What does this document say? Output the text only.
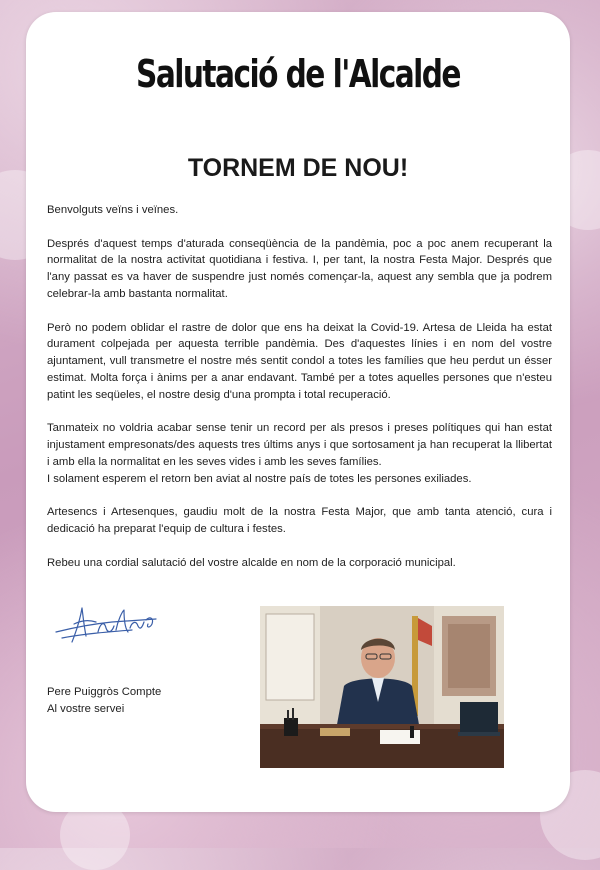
Salutació de l'Alcalde
TORNEM DE NOU!

Benvolguts veïns i veïnes.

Després d'aquest temps d'aturada conseqüència de la pandèmia, poc a poc anem recuperant la normalitat de la nostra activitat quotidiana i festiva. I, per tant, la nostra Festa Major. Després que l'any passat es va haver de suspendre just només començar-la, aquest any sembla que ja podrem celebrar-la amb bastanta normalitat.

Però no podem oblidar el rastre de dolor que ens ha deixat la Covid-19. Artesa de Lleida ha estat durament colpejada per aquesta terrible pandèmia. Des d'aquestes línies i en nom del vostre ajuntament, vull transmetre el nostre més sentit condol a totes les famílies que heu perdut un ésser estimat. Molta força i ànims per a anar endavant. També per a totes aquelles persones que n'esteu patint les seqüeles, el nostre desig d'una prompta i total recuperació.

Tanmateix no voldria acabar sense tenir un record per als presos i preses polítiques qui han estat injustament empresonats/des aquests tres últims anys i que sortosament ja han recuperat la llibertat i amb ella la normalitat en les seves vides i amb les seves famílies.

I solament esperem el retorn ben aviat al nostre país de totes les persones exiliades.

Artesencs i Artesenques, gaudiu molt de la nostra Festa Major, que amb tanta atenció, cura i dedicació ha preparat l'equip de cultura i festes.

Rebeu una cordial salutació del vostre alcalde en nom de la corporació municipal.

Pere Puiggròs Compte
Al vostre servei
